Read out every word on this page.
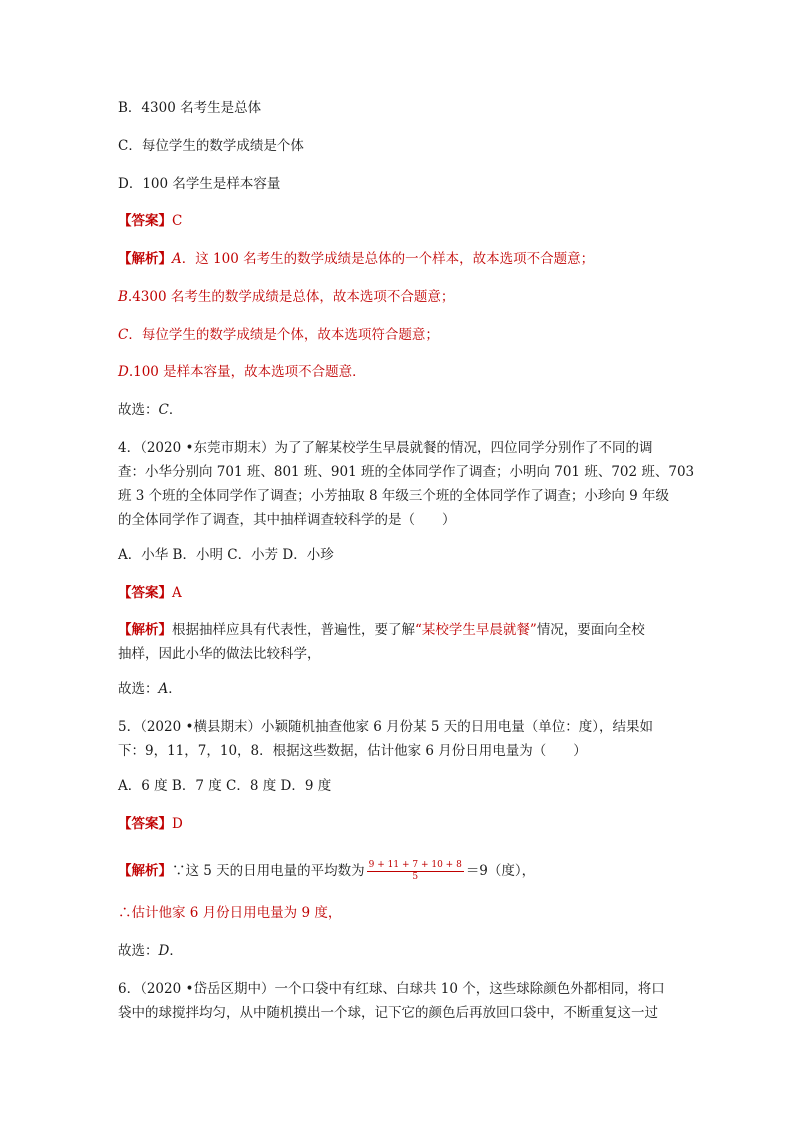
B．4300 名考生是总体

C．每位学生的数学成绩是个体

D．100 名学生是样本容量

【答案】C

【解析】A．这 100 名考生的数学成绩是总体的一个样本，故本选项不合题意；

B.4300 名考生的数学成绩是总体，故本选项不合题意；

C．每位学生的数学成绩是个体，故本选项符合题意；

D.100 是样本容量，故本选项不合题意．

故选：C．

4．（2020 •东莞市期末）为了了解某校学生早晨就餐的情况，四位同学分别作了不同的调

查：小华分别向 701 班、801 班、901 班的全体同学作了调查；小明向 701 班、702 班、703

班 3 个班的全体同学作了调查；小芳抽取 8 年级三个班的全体同学作了调查；小珍向 9 年级

的全体同学作了调查，其中抽样调查较科学的是（　　）

A．小华 B．小明 C．小芳 D．小珍

【答案】A

【解析】根据抽样应具有代表性，普遍性，要了解“某校学生早晨就餐”情况，要面向全校

抽样，因此小华的做法比较科学，

故选：A．

5．（2020 •横县期末）小颖随机抽查他家 6 月份某 5 天的日用电量（单位：度），结果如

下：9，11，7，10，8．根据这些数据，估计他家 6 月份日用电量为（　　）

A．6 度 B．7 度 C．8 度 D．9 度

【答案】D

【解析】∵这 5 天的日用电量的平均数为 $\frac{9 + 11 + 7 + 10 + 8}{5} =9$（度），

∴估计他家 6 月份日用电量为 9 度，

故选：D．

6．（2020 •岱岳区期中）一个口袋中有红球、白球共 10 个，这些球除颜色外都相同，将口

袋中的球搅拌均匀，从中随机摸出一个球，记下它的颜色后再放回口袋中，不断重复这一过
